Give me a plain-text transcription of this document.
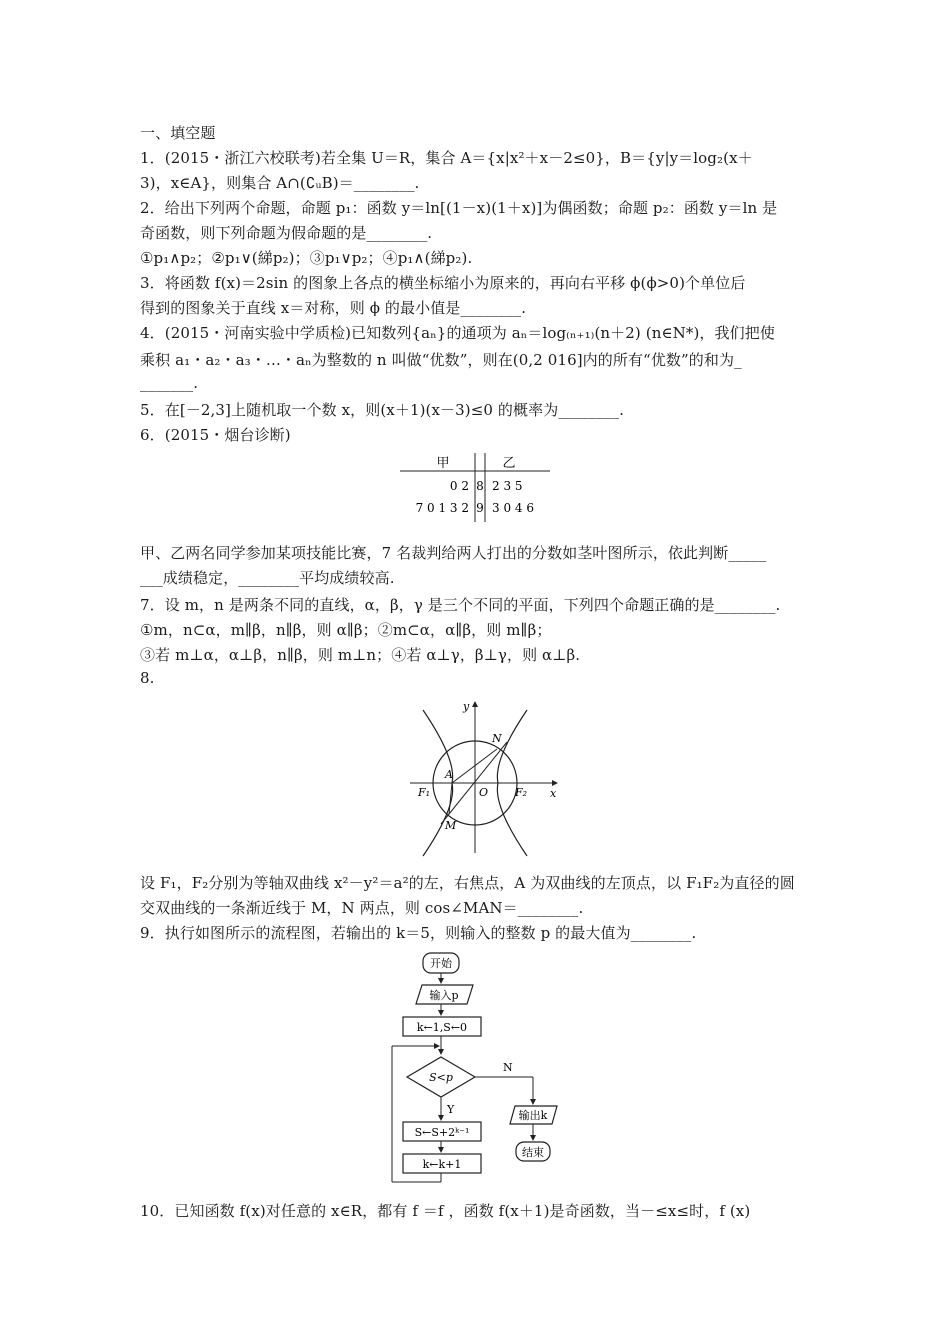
一、填空题
1．(2015・浙江六校联考)若全集 U＝R，集合 A＝{x|x²＋x－2≤0}，B＝{y|y＝log₂(x＋
3)，x∈A}，则集合 A∩(∁ᵤB)＝________.
2．给出下列两个命题，命题 p₁：函数 y＝ln[(1－x)(1＋x)]为偶函数；命题 p₂：函数 y＝ln 是
奇函数，则下列命题为假命题的是________.
①p₁∧p₂；②p₁∨(綈p₂)；③p₁∨p₂；④p₁∧(綈p₂).
3．将函数 f(x)＝2sin 的图象上各点的横坐标缩小为原来的，再向右平移 ϕ(ϕ>0)个单位后
得到的图象关于直线 x＝对称，则 ϕ 的最小值是________.
4．(2015・河南实验中学质检)已知数列{aₙ}的通项为 aₙ＝log₍ₙ₊₁₎(n＋2) (n∈N*)，我们把使
乘积 a₁・a₂・a₃・…・aₙ为整数的 n 叫做“优数”，则在(0,2 016]内的所有“优数”的和为_
_______.
5．在[－2,3]上随机取一个数 x，则(x＋1)(x－3)≤0 的概率为________.
6．(2015・烟台诊断)
甲	乙
0 2 8 2 3 5
7 0 1 3 2 9 3 0 4 6
甲、乙两名同学参加某项技能比赛，7 名裁判给两人打出的分数如茎叶图所示，依此判断_____
___成绩稳定，________平均成绩较高.
7．设 m，n 是两条不同的直线，α，β，γ 是三个不同的平面，下列四个命题正确的是________.
①m，n⊂α，m∥β，n∥β，则 α∥β；②m⊂α，α∥β，则 m∥β；
③若 m⊥α，α⊥β，n∥β，则 m⊥n；④若 α⊥γ，β⊥γ，则 α⊥β.
8.
y
x
N
A
O
F₁	F₂
M
设 F₁，F₂分别为等轴双曲线 x²－y²＝a²的左，右焦点，A 为双曲线的左顶点，以 F₁F₂为直径的圆
交双曲线的一条渐近线于 M，N 两点，则 cos∠MAN＝________.
9．执行如图所示的流程图，若输出的 k＝5，则输入的整数 p 的最大值为________.
开始
输入p
k←1,S←0
S<p
N
输出k
结束
Y
S←S+2ᵏ⁻¹
k←k+1
10．已知函数 f(x)对任意的 x∈R，都有 f ＝f ，函数 f(x＋1)是奇函数，当－≤x≤时，f (x)
